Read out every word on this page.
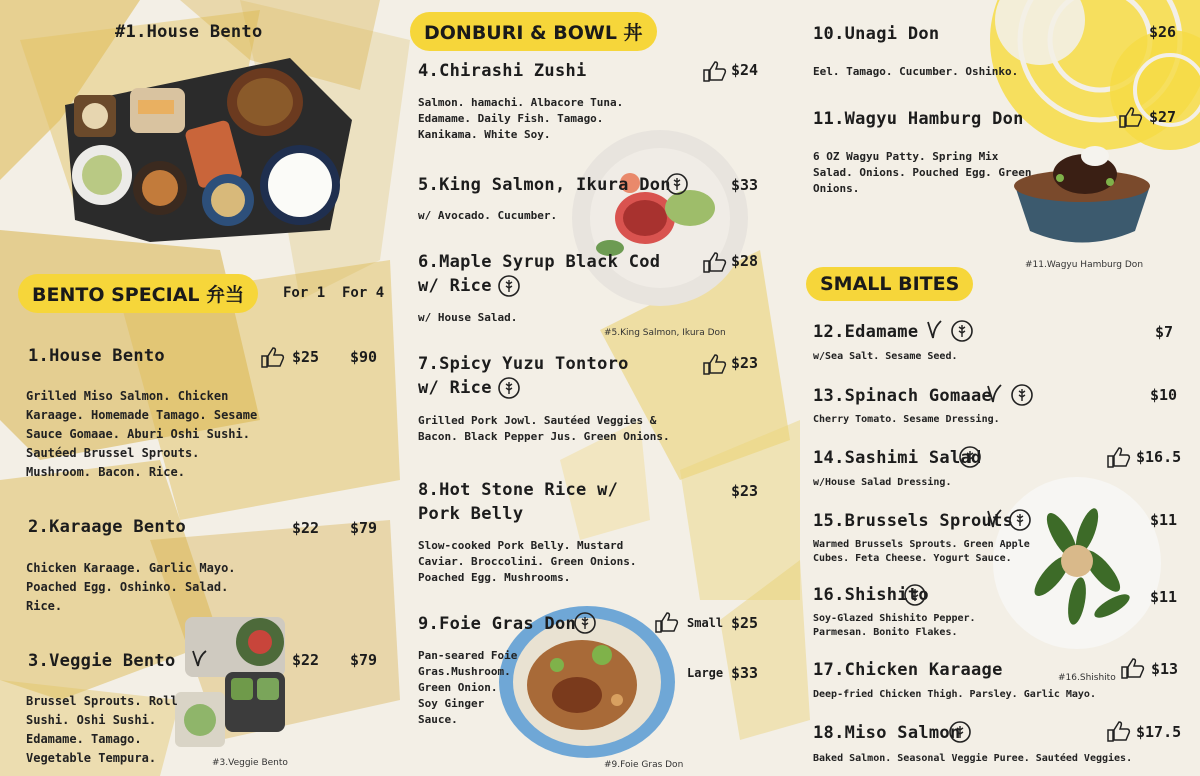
#1.House Bento
BENTO SPECIAL 弁当	For 1 For 4
1.House Bento	$25 $90
Grilled Miso Salmon. Chicken Karaage. Homemade Tamago. Sesame Sauce Gomaae. Aburi Oshi Sushi. Sautéed Brussel Sprouts. Mushroom. Bacon. Rice.
2.Karaage Bento	$22 $79
Chicken Karaage. Garlic Mayo. Poached Egg. Oshinko. Salad. Rice.
3.Veggie Bento	$22 $79
Brussel Sprouts. Roll Sushi. Oshi Sushi. Edamame. Tamago. Vegetable Tempura.	#3.Veggie Bento
DONBURI & BOWL 丼
#5.King Salmon, Ikura Don
4.Chirashi Zushi	$24
Salmon. hamachi. Albacore Tuna. Edamame. Daily Fish. Tamago. Kanikama. White Soy.
5.King Salmon, Ikura Don	$33
w/ Avocado. Cucumber.
6.Maple Syrup Black Cod
w/ Rice
$28
w/ House Salad.
7.Spicy Yuzu Tontoro
w/ Rice
$23
Grilled Pork Jowl. Sautéed Veggies & Bacon. Black Pepper Jus. Green Onions.
8.Hot Stone Rice w/
Pork Belly
$23
Slow-cooked Pork Belly. Mustard Caviar. Broccolini. Green Onions. Poached Egg. Mushrooms.
9.Foie Gras Don	Small $25
Large $33
Pan-seared Foie Gras.Mushroom. Green Onion. Soy Ginger Sauce.
#9.Foie Gras Don
10.Unagi Don	$26
Eel. Tamago. Cucumber. Oshinko.
11.Wagyu Hamburg Don	$27
6 OZ Wagyu Patty. Spring Mix Salad. Onions. Pouched Egg. Green Onions.
#11.Wagyu Hamburg Don
SMALL BITES
#16.Shishito
12.Edamame	$7
w/Sea Salt. Sesame Seed.
13.Spinach Gomaae	$10
Cherry Tomato. Sesame Dressing.
14.Sashimi Salad	$16.5
w/House Salad Dressing.
15.Brussels Sprouts	$11
Warmed Brussels Sprouts. Green Apple Cubes. Feta Cheese. Yogurt Sauce.
16.Shishito	$11
Soy-Glazed Shishito Pepper. Parmesan. Bonito Flakes.
17.Chicken Karaage	$13
Deep-fried Chicken Thigh. Parsley. Garlic Mayo.
18.Miso Salmon	$17.5
Baked Salmon. Seasonal Veggie Puree. Sautéed Veggies.
